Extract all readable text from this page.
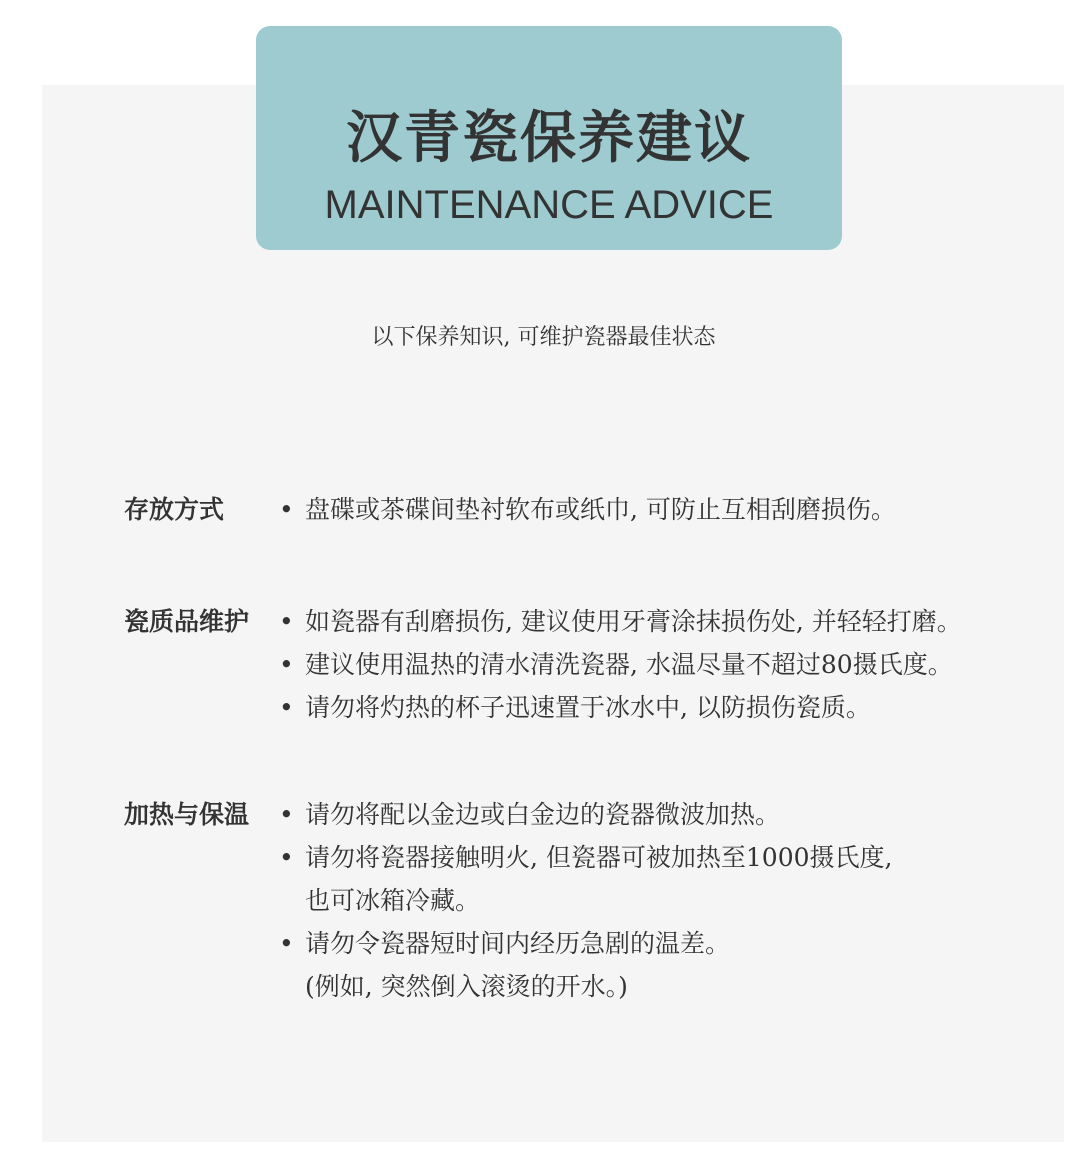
汉青瓷保养建议
MAINTENANCE ADVICE
以下保养知识, 可维护瓷器最佳状态
存放方式	• 盘碟或茶碟间垫衬软布或纸巾, 可防止互相刮磨损伤。
瓷质品维护	• 如瓷器有刮磨损伤, 建议使用牙膏涂抹损伤处, 并轻轻打磨。
• 建议使用温热的清水清洗瓷器, 水温尽量不超过80摄氏度。
• 请勿将灼热的杯子迅速置于冰水中, 以防损伤瓷质。
加热与保温	• 请勿将配以金边或白金边的瓷器微波加热。
• 请勿将瓷器接触明火, 但瓷器可被加热至1000摄氏度,
也可冰箱冷藏。
• 请勿令瓷器短时间内经历急剧的温差。
(例如, 突然倒入滚烫的开水。)
